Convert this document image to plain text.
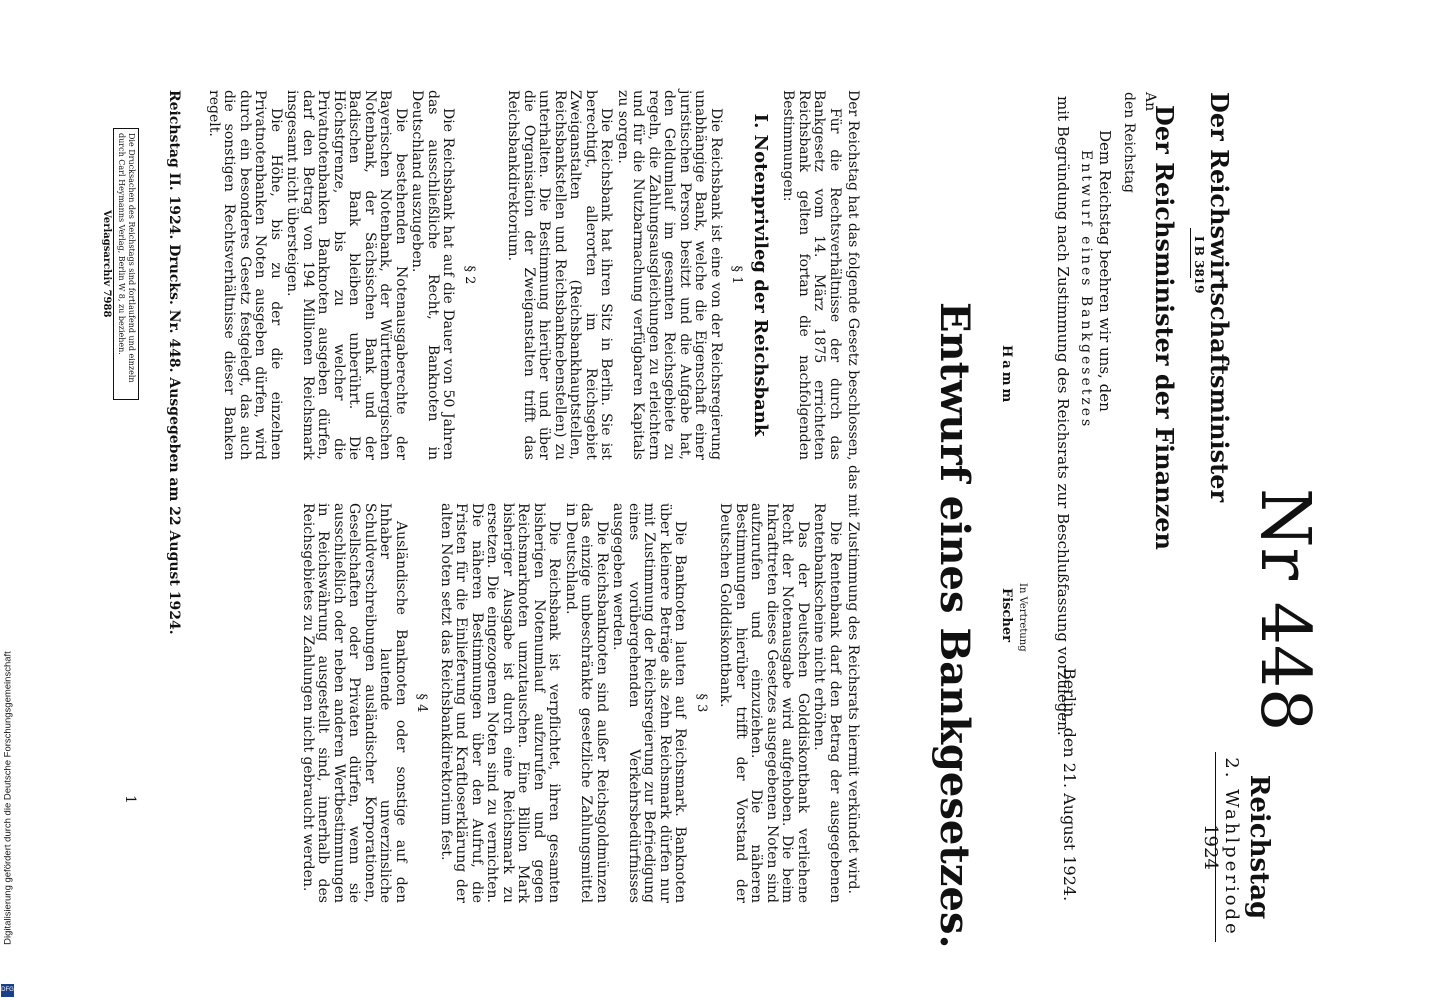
Reichstag
2. Wahlperiode
1924
Nr 448
Der Reichswirtschaftsminister
I B 3819
Der Reichsminister der Finanzen
Berlin, den 21. August 1924.
An
den Reichstag
Dem Reichstag beehren wir uns, den
Entwurf eines Bankgesetzes
mit Begründung nach Zustimmung des Reichsrats zur Beschlußfassung vorzulegen.
Hamm
In Vertretung
Fischer
Entwurf eines Bankgesetzes.
Der Reichstag hat das folgende Gesetz beschlossen, das mit Zustimmung des Reichsrats hiermit verkündet wird.

Für die Rechtsverhältnisse der durch das Bankgesetz vom 14. März 1875 errichteten Reichsbank gelten fortan die nachfolgenden Bestimmungen:

I. Notenprivileg der Reichsbank
§ 1

Die Reichsbank ist eine von der Reichsregierung unabhängige Bank, welche die Eigenschaft einer juristischen Person besitzt und die Aufgabe hat, den Geldumlauf im gesamten Reichsgebiete zu regeln, die Zahlungsausgleichungen zu erleichtern und für die Nutzbarmachung verfügbaren Kapitals zu sorgen.

Die Reichsbank hat ihren Sitz in Berlin. Sie ist berechtigt, allerorten im Reichsgebiet Zweiganstalten (Reichsbankhauptstellen, Reichsbankstellen und Reichsbanknebenstellen) zu unterhalten. Die Bestimmung hierüber und über die Organisation der Zweiganstalten trifft das Reichsbankdirektorium.

§ 2

Die Reichsbank hat auf die Dauer von 50 Jahren das ausschließliche Recht, Banknoten in Deutschland auszugeben.

Die bestehenden Notenausgaberechte der Bayerischen Notenbank, der Württembergischen Notenbank, der Sächsischen Bank und der Badischen Bank bleiben unberührt. Die Höchstgrenze, bis zu welcher die Privatnotenbanken Banknoten ausgeben dürfen, darf den Betrag von 194 Millionen Reichsmark insgesamt nicht übersteigen.

Die Höhe, bis zu der die einzelnen Privatnotenbanken Noten ausgeben dürfen, wird durch ein besonderes Gesetz festgelegt, das auch die sonstigen Rechtsverhältnisse dieser Banken regelt.

Die Rentenbank darf den Betrag der ausgegebenen Rentenbankscheine nicht erhöhen.

Das der Deutschen Golddiskontbank verliehene Recht der Notenausgabe wird aufgehoben. Die beim Inkrafttreten dieses Gesetzes ausgegebenen Noten sind aufzurufen und einzuziehen. Die näheren Bestimmungen hierüber trifft der Vorstand der Deutschen Golddiskontbank.

§ 3

Die Banknoten lauten auf Reichsmark. Banknoten über kleinere Beträge als zehn Reichsmark dürfen nur mit Zustimmung der Reichsregierung zur Befriedigung eines vorübergehenden Verkehrsbedürfnisses ausgegeben werden.

Die Reichsbanknoten sind außer Reichsgoldmünzen das einzige unbeschränkte gesetzliche Zahlungsmittel in Deutschland.

Die Reichsbank ist verpflichtet, ihren gesamten bisherigen Notenumlauf aufzurufen und gegen Reichsmarknoten umzutauschen. Eine Billion Mark bisheriger Ausgabe ist durch eine Reichsmark zu ersetzen. Die eingezogenen Noten sind zu vernichten. Die näheren Bestimmungen über den Aufruf, die Fristen für die Einlieferung und Kraftloserklärung der alten Noten setzt das Reichsbankdirektorium fest.

§ 4

Ausländische Banknoten oder sonstige auf den Inhaber lautende unverzinsliche Schuldverschreibungen ausländischer Korporationen, Gesellschaften oder Privaten dürfen, wenn sie ausschließlich oder neben anderen Wertbestimmungen in Reichswährung ausgestellt sind, innerhalb des Reichsgebietes zu Zahlungen nicht gebraucht werden.

1
Die Drucksachen des Reichstags sind fortlaufend und einzeln durch Carl Heymanns Verlag, Berlin W 8, zu beziehen.	Reichstag II. 1924. Drucks. Nr. 448. Ausgegeben am 22 August 1924.
Verlagsarchiv 7988
Digitalisierung gefördert durch die Deutsche Forschungsgemeinschaft
DFG
